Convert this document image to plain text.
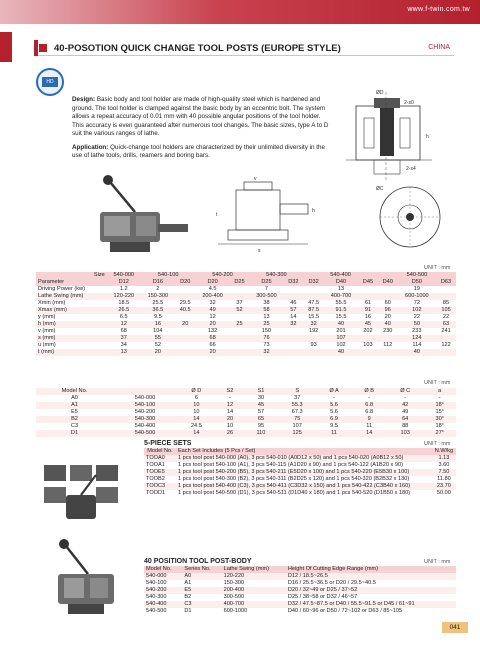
www.f-twin.com.tw
40-POSOTION QUICK CHANGE TOOL POSTS (EUROPE STYLE)	CHINA
HD

Design: Basic body and tool holder are made of high-quality steel which is hardened and ground. The tool holder is clamped against the basic body by an eccentric bolt. The system allows a repeat accuracy of 0.01 mm with 40 possible angular positions of the tool holder. This accuracy is even guaranteed after numerous tool changes. The basic sizes, type A to D suit the various ranges of lathe.

Application: Quick-change tool holders are characterized by their unlimited diversity in the use of lathe tools, drills, reamers and boring bars.

ØD
2-s0
h
2-s4
v
t
h
s
ØC
UNIT : mm
Size	540-000	540-100		540-200		540-300		540-400			540-500		
Parameter	D12	D16	D20	D20	D25	D25	D32	D32	D40	D45	D40	D50	D63
Driving Power (kw)	1.2	2		4.5		7			13			19	
Lathe Swing (mm)	120-220	150-300		200-400		300-500			400-700			600-1000	
Xmin (mm)	18.5	25.5	29.5	32	37	38	46	47.5	55.5	61	60	72	85
Xmax (mm)	26.5	36.5	40.5	49	52	58	57	87.5	91.5	91	96	102	105
y (mm)	6.5	9.5		12		13	14	15.5	15.5	16	20	22	22
h (mm)	12	16	20	20	25	25	32	32	40	45	40	50	63
v (mm)	68	104		132		150		192	201	202	230	233	241
s (mm)	37	55		68		76			107			124	
u (mm)	34	52		66		73		93	102	103	112	114	122
t (mm)	13	20		20		32			40			40	
UNIT : mm
Model No.		Ø D	S2	S1	S	Ø A	Ø B	Ø C	a
A0	540-000	6	-	30	37	-	-	-	-
A1	540-100	10	12	45	55.3	5.6	6.8	42	18°
E5	540-200	10	14	57	67.3	5.6	6.8	49	15°
B2	540-300	14	20	65	75	6.9	9	64	30°
C3	540-400	24.5	10	95	107	9.5	11	88	18°
D1	540-500	14	26	110	125	11	14	103	27°
5-PIECE SETS	UNIT : mm
Model No.	Each Set Includes (5 Pcs / Set)	N.W/kg
TOOA0	1 pcs tool post 540-000 (A0), 3 pcs 540-010 (A0D12 x 50) and 1 pcs 540-020 (A0B12 x 50)	1.13
TOOA1	1 pcs tool post 540-100 (A1), 3 pcs 540-115 (A1D20 x 90) and 1 pcs 540-122 (A1B20 x 90)	3.60
TOOE5	1 pcs tool post 540-200 (B5), 3 pcs 540-211 (E5D20 x 100) and 1 pcs 540-220 (E5B30 x 100)	7.50
TOOB2	1 pcs tool post 540-300 (B2), 3 pcs 540-311 (B2D25 x 120) and 1 pcs 540-320 (B2B32 x 130)	11.80
TOOC3	1 pcs tool post 540-400 (C3), 3 pcs 540-411 (C3D32 x 150) and 1 pcs 540-422 (C3B40 x 160)	23.70
TOOD1	1 pcs tool post 540-500 (D1), 3 pcs 540-511 (D1D40 x 180) and 1 pcs 540-520 (D1B50 x 180)	50.00
40 POSITION TOOL POST-BODY	UNIT : mm
Model No.	Series No.	Lathe Swing (mm)	Height Of Cutting Edge Range (mm)
540-000	A0	120-220	D12 / 18.5~26.5
540-100	A1	150-300	D16 / 25.5~36.5 or D20 / 29.5~40.5
540-200	E5	200-400	D20 / 32~49 or D25 / 37~52
540-300	B2	300-500	D25 / 38~58 or D32 / 46~57
540-400	C3	400-700	D32 / 47.5~87.5 or D40 / 55.5~91.5 or D45 / 61~91
540-500	D1	600-1000	D40 / 60~96 or D50 / 72~102 or D63 / 85~105
041
